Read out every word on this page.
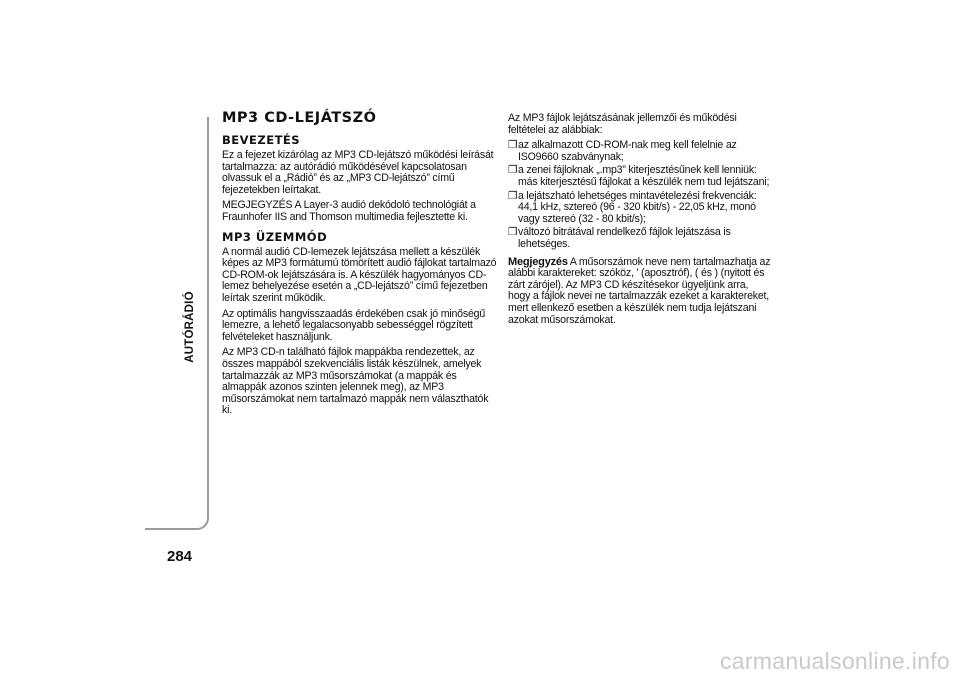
AUTÓRÁDIÓ
284
MP3 CD-LEJÁTSZÓ
BEVEZETÉS

Ez a fejezet kizárólag az MP3 CD-lejátszó működési leírását tartalmazza: az autórádió működésével kapcsolatosan olvassuk el a „Rádió” és az „MP3 CD-lejátszó” című fejezetekben leírtakat.

MEGJEGYZÉS A Layer-3 audió dekódoló technológiát a Fraunhofer IIS and Thomson multimedia fejlesztette ki.

MP3 ÜZEMMÓD

A normál audió CD-lemezek lejátszása mellett a készülék képes az MP3 formátumú tömörített audió fájlokat tartalmazó CD-ROM-ok lejátszására is. A készülék hagyományos CD-lemez behelyezése esetén a „CD-lejátszó” című fejezetben leírtak szerint működik.

Az optimális hangvisszaadás érdekében csak jó minőségű lemezre, a lehető legalacsonyabb sebességgel rögzített felvételeket használjunk.

Az MP3 CD-n található fájlok mappákba rendezettek, az összes mappából szekvenciális listák készülnek, amelyek tartalmazzák az MP3 műsorszámokat (a mappák és almappák azonos szinten jelennek meg), az MP3 műsorszámokat nem tartalmazó mappák nem választhatók ki.

Az MP3 fájlok lejátszásának jellemzői és működési feltételei az alábbiak:

❒ az alkalmazott CD-ROM-nak meg kell felelnie az ISO9660 szabványnak;
❒ a zenei fájloknak „.mp3” kiterjesztésűnek kell lenniük: más kiterjesztésű fájlokat a készülék nem tud lejátszani;
❒ a lejátszható lehetséges mintavételezési frekvenciák: 44,1 kHz, sztereó (96 - 320 kbit/s) - 22,05 kHz, monó vagy sztereó (32 - 80 kbit/s);
❒ változó bitrátával rendelkező fájlok lejátszása is lehetséges.

Megjegyzés A műsorszámok neve nem tartalmazhatja az alábbi karaktereket: szóköz, ' (aposztróf), ( és ) (nyitott és zárt zárójel). Az MP3 CD készítésekor ügyeljünk arra, hogy a fájlok nevei ne tartalmazzák ezeket a karaktereket, mert ellenkező esetben a készülék nem tudja lejátszani azokat műsorszámokat.

carmanualsonline.info
